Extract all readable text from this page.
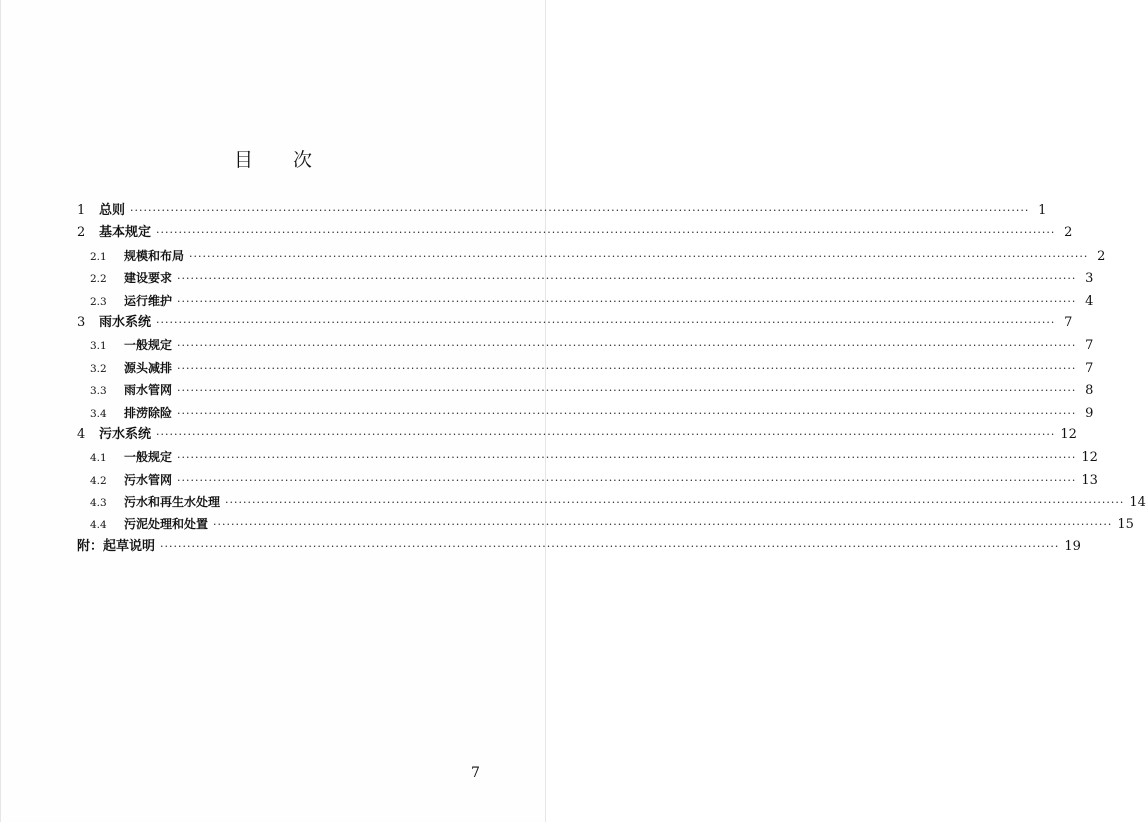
目 次
1	总则 ········································································································································································································ 1
2	基本规定 ········································································································································································································ 2
2.1	规模和布局 ········································································································································································································ 2
2.2	建设要求 ········································································································································································································ 3
2.3	运行维护 ········································································································································································································ 4
3	雨水系统 ········································································································································································································ 7
3.1	一般规定 ········································································································································································································ 7
3.2	源头减排 ········································································································································································································ 7
3.3	雨水管网 ········································································································································································································ 8
3.4	排涝除险 ········································································································································································································ 9
4	污水系统 ········································································································································································································ 12
4.1	一般规定 ········································································································································································································ 12
4.2	污水管网 ········································································································································································································ 13
4.3	污水和再生水处理 ········································································································································································································ 14
4.4	污泥处理和处置 ········································································································································································································ 15
附：起草说明 ········································································································································································································ 19
7
